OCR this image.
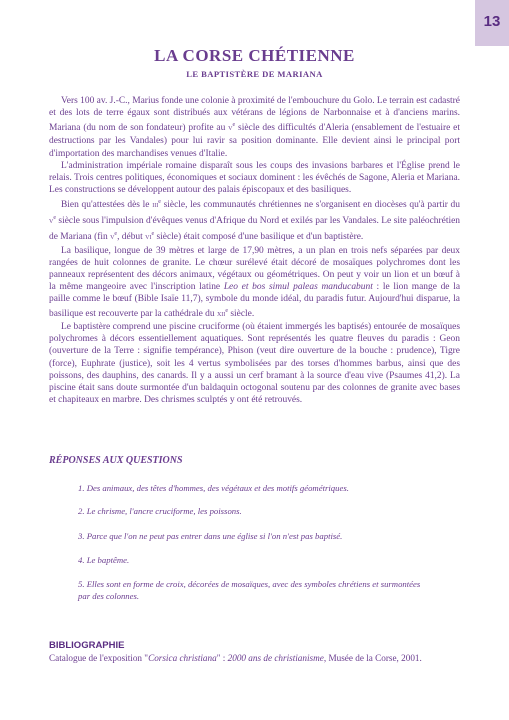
13
LA CORSE CHÉTIENNE
LE BAPTISTÈRE DE MARIANA

Vers 100 av. J.-C., Marius fonde une colonie à proximité de l'embouchure du Golo. Le terrain est cadastré et des lots de terre égaux sont distribués aux vétérans de légions de Narbonnaise et à d'anciens marins. Mariana (du nom de son fondateur) profite au Ve siècle des difficultés d'Aleria (ensablement de l'estuaire et destructions par les Vandales) pour lui ravir sa position dominante. Elle devient ainsi le principal port d'importation des marchandises venues d'Italie.

L'administration impériale romaine disparaît sous les coups des invasions barbares et l'Église prend le relais. Trois centres politiques, économiques et sociaux dominent : les évêchés de Sagone, Aleria et Mariana. Les constructions se développent autour des palais épiscopaux et des basiliques.

Bien qu'attestées dès le IIIe siècle, les communautés chrétiennes ne s'organisent en diocèses qu'à partir du Ve siècle sous l'impulsion d'évêques venus d'Afrique du Nord et exilés par les Vandales. Le site paléochrétien de Mariana (fin Ve, début VIe siècle) était composé d'une basilique et d'un baptistère.

La basilique, longue de 39 mètres et large de 17,90 mètres, a un plan en trois nefs séparées par deux rangées de huit colonnes de granite. Le chœur surélevé était décoré de mosaïques polychromes dont les panneaux représentent des décors animaux, végétaux ou géométriques. On peut y voir un lion et un bœuf à la même mangeoire avec l'inscription latine Leo et bos simul paleas manducabunt : le lion mange de la paille comme le bœuf (Bible Isaïe 11,7), symbole du monde idéal, du paradis futur. Aujourd'hui disparue, la basilique est recouverte par la cathédrale du XIIe siècle.

Le baptistère comprend une piscine cruciforme (où étaient immergés les baptisés) entourée de mosaïques polychromes à décors essentiellement aquatiques. Sont représentés les quatre fleuves du paradis : Geon (ouverture de la Terre : signifie tempérance), Phison (veut dire ouverture de la bouche : prudence), Tigre (force), Euphrate (justice), soit les 4 vertus symbolisées par des torses d'hommes barbus, ainsi que des poissons, des dauphins, des canards. Il y a aussi un cerf bramant à la source d'eau vive (Psaumes 41,2). La piscine était sans doute surmontée d'un baldaquin octogonal soutenu par des colonnes de granite avec bases et chapiteaux en marbre. Des chrismes sculptés y ont été retrouvés.

RÉPONSES AUX QUESTIONS
1. Des animaux, des têtes d'hommes, des végétaux et des motifs géométriques.
2. Le chrisme, l'ancre cruciforme, les poissons.
3. Parce que l'on ne peut pas entrer dans une église si l'on n'est pas baptisé.
4. Le baptême.
5. Elles sont en forme de croix, décorées de mosaïques, avec des symboles chrétiens et surmontées par des colonnes.
BIBLIOGRAPHIE
Catalogue de l'exposition "Corsica christiana" : 2000 ans de christianisme, Musée de la Corse, 2001.
